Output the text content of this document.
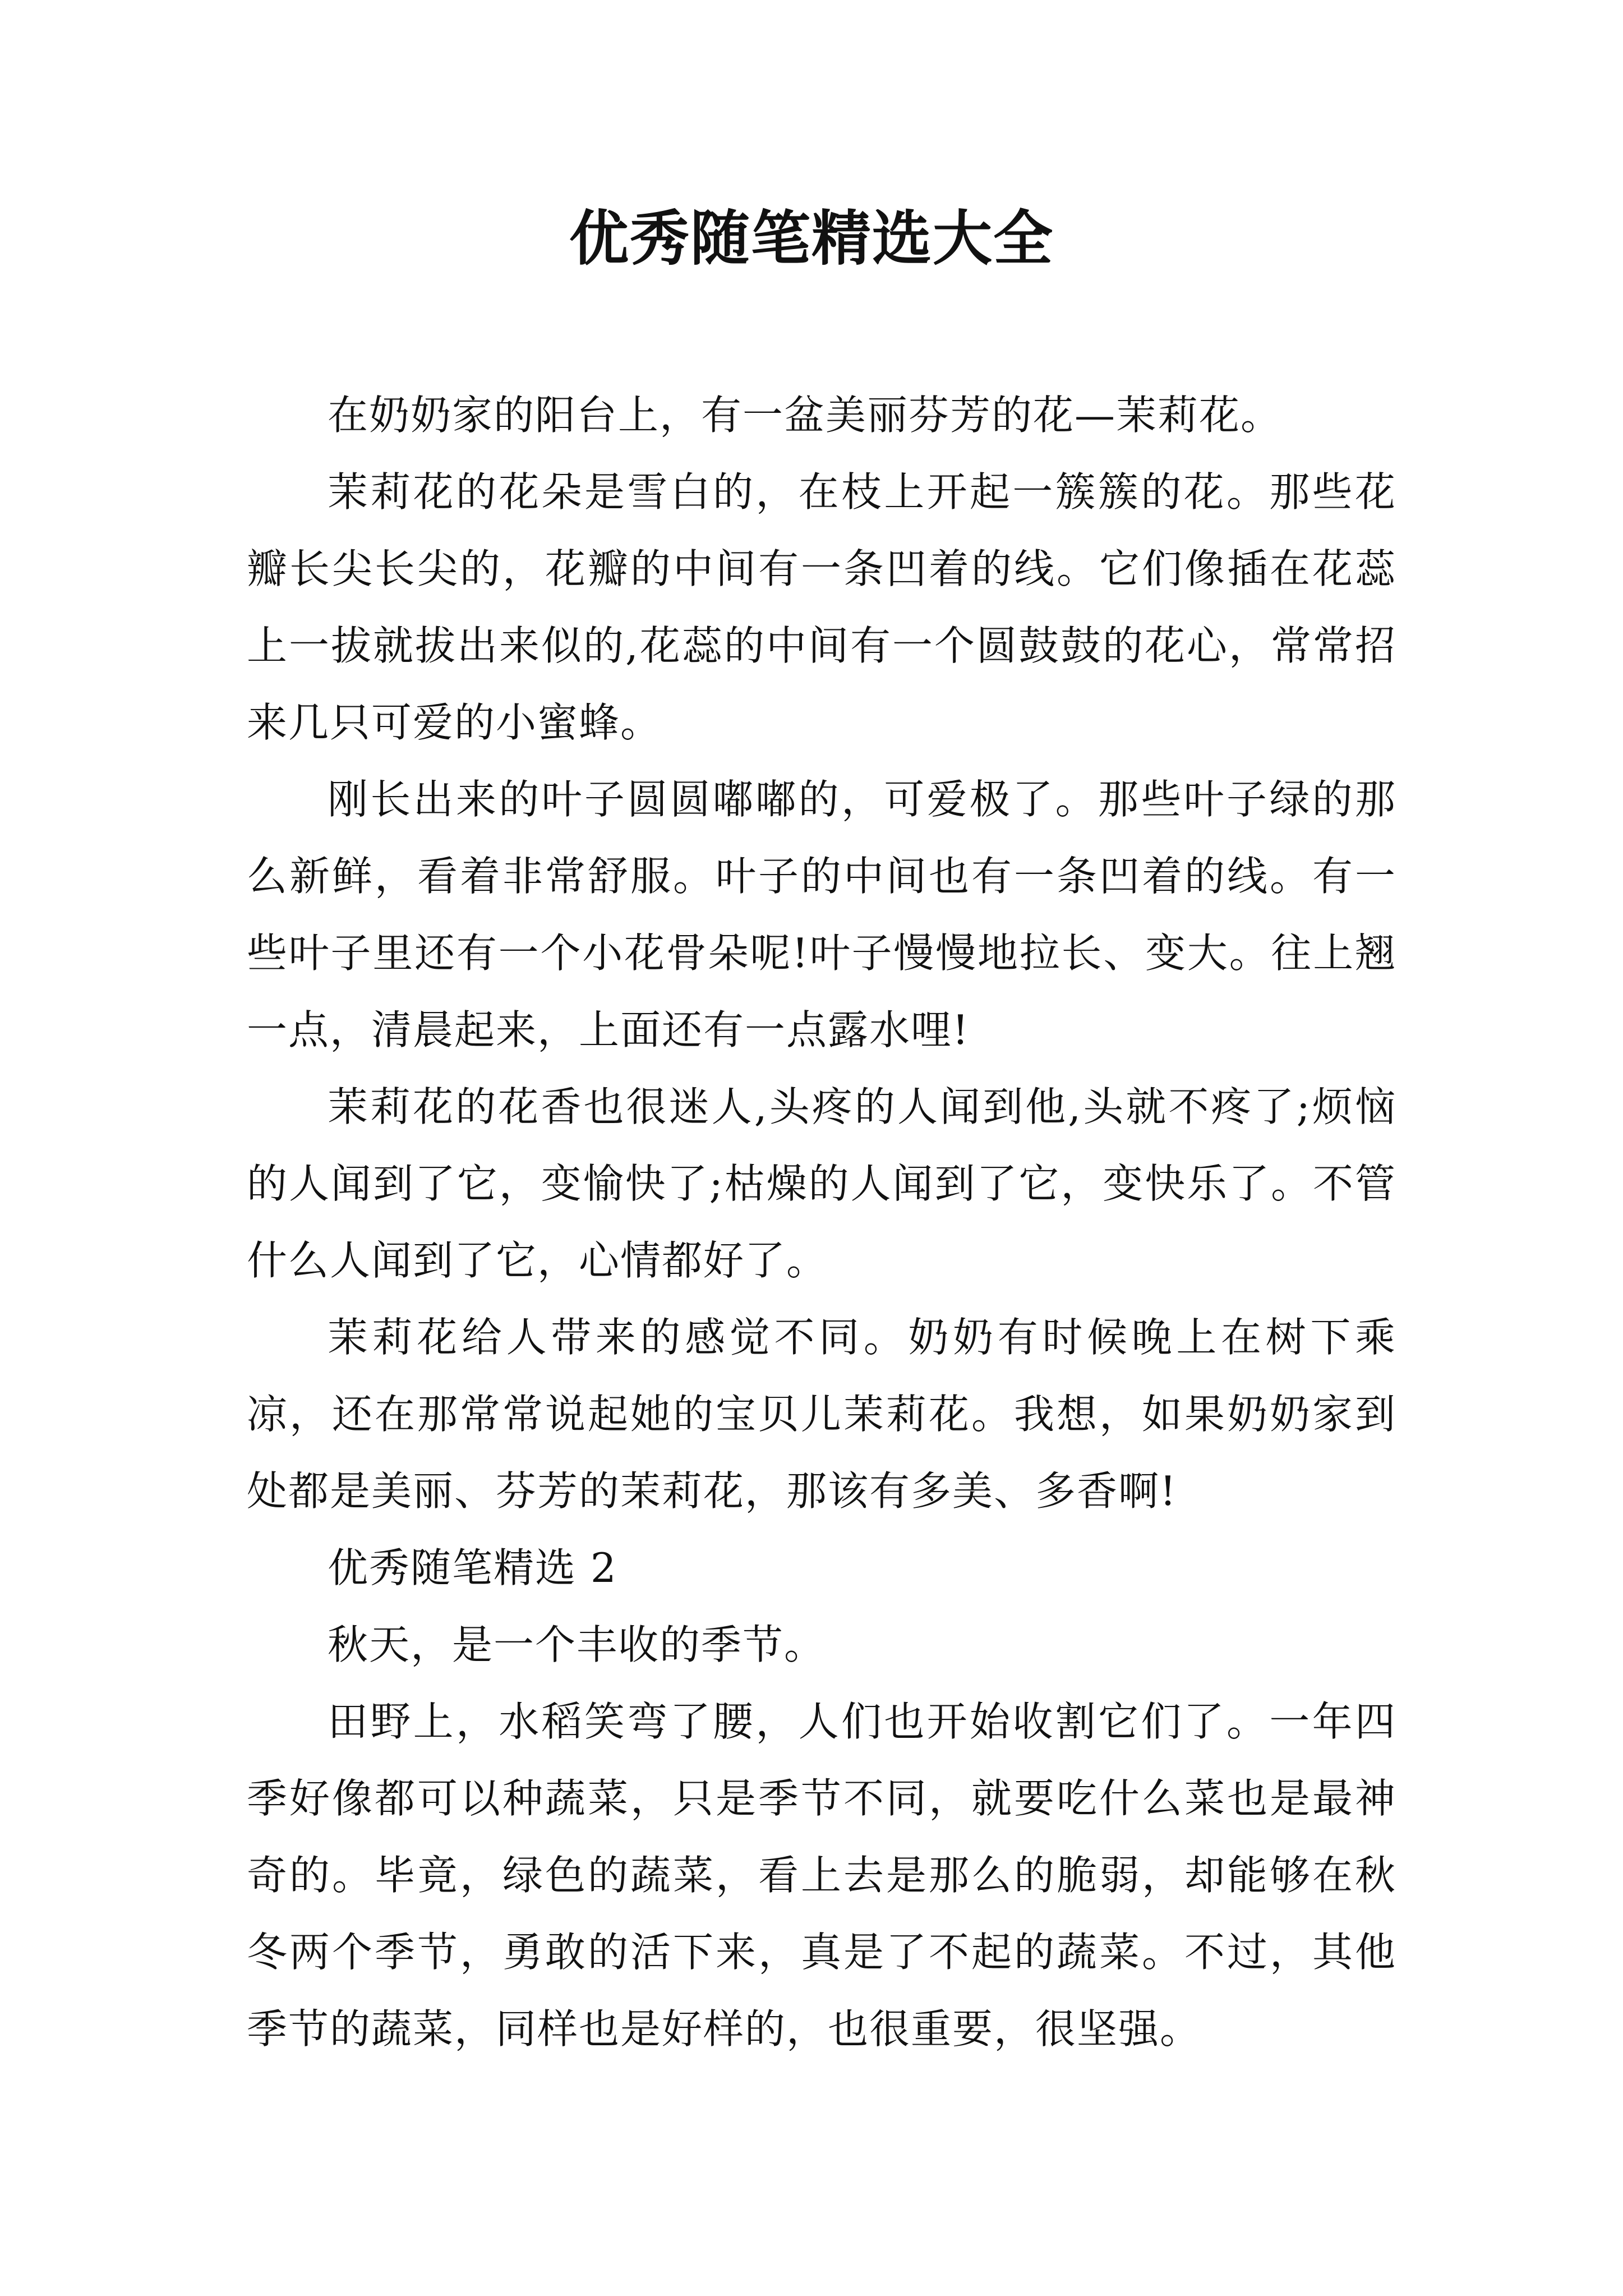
优秀随笔精选大全

在奶奶家的阳台上，有一盆美丽芬芳的花—茉莉花。

茉莉花的花朵是雪白的，在枝上开起一簇簇的花。那些花瓣长尖长尖的，花瓣的中间有一条凹着的线。它们像插在花蕊上一拔就拔出来似的,花蕊的中间有一个圆鼓鼓的花心，常常招来几只可爱的小蜜蜂。

刚长出来的叶子圆圆嘟嘟的，可爱极了。那些叶子绿的那么新鲜，看着非常舒服。叶子的中间也有一条凹着的线。有一些叶子里还有一个小花骨朵呢!叶子慢慢地拉长、变大。往上翘一点，清晨起来，上面还有一点露水哩!

茉莉花的花香也很迷人,头疼的人闻到他,头就不疼了;烦恼的人闻到了它，变愉快了;枯燥的人闻到了它，变快乐了。不管什么人闻到了它，心情都好了。

茉莉花给人带来的感觉不同。奶奶有时候晚上在树下乘凉，还在那常常说起她的宝贝儿茉莉花。我想，如果奶奶家到处都是美丽、芬芳的茉莉花，那该有多美、多香啊!

优秀随笔精选 2

秋天，是一个丰收的季节。

田野上，水稻笑弯了腰，人们也开始收割它们了。一年四季好像都可以种蔬菜，只是季节不同，就要吃什么菜也是最神奇的。毕竟，绿色的蔬菜，看上去是那么的脆弱，却能够在秋冬两个季节，勇敢的活下来，真是了不起的蔬菜。不过，其他季节的蔬菜，同样也是好样的，也很重要，很坚强。
